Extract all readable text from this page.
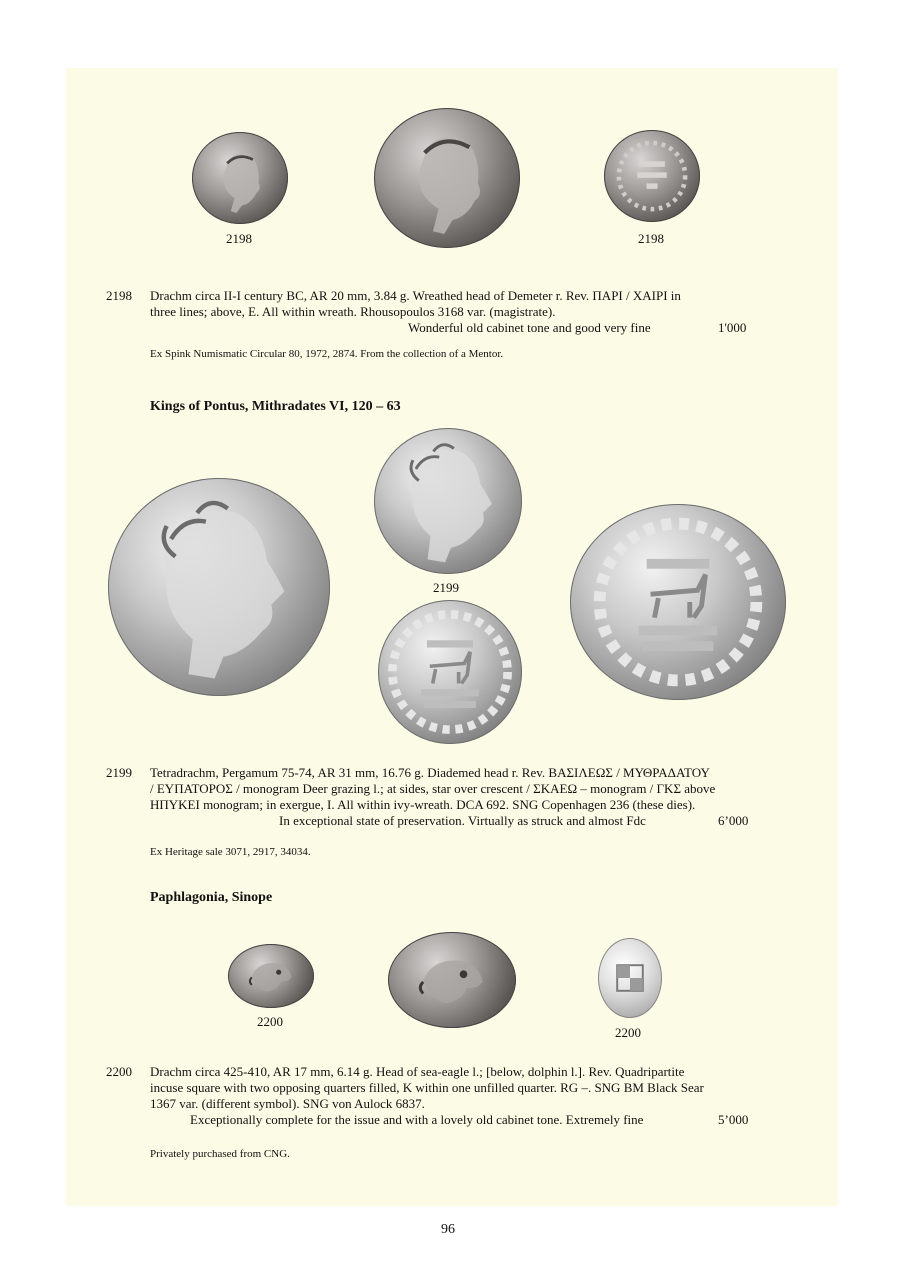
2198	2198
2198 Drachm circa II-I century BC, AR 20 mm, 3.84 g. Wreathed head of Demeter r. Rev. ΠΑΡΙ / ΧΑΙΡΙ in
three lines; above, E. All within wreath. Rhousopoulos 3168 var. (magistrate).
Wonderful old cabinet tone and good very fine	1'000
Ex Spink Numismatic Circular 80, 1972, 2874. From the collection of a Mentor.
Kings of Pontus, Mithradates VI, 120 – 63
2199
2199 Tetradrachm, Pergamum 75-74, AR 31 mm, 16.76 g. Diademed head r. Rev. ΒΑΣΙΛΕΩΣ / ΜΥΘΡΑΔΑΤΟΥ
/ ΕΥΠΑΤΟΡΟΣ / monogram Deer grazing l.; at sides, star over crescent / ΣΚΑΕΩ – monogram / ΓΚΣ above
ΗΠΥΚΕΙ monogram; in exergue, I. All within ivy-wreath. DCA 692. SNG Copenhagen 236 (these dies).
In exceptional state of preservation. Virtually as struck and almost Fdc	6’000
Ex Heritage sale 3071, 2917, 34034.
Paphlagonia, Sinope
2200
2200
2200 Drachm circa 425-410, AR 17 mm, 6.14 g. Head of sea-eagle l.; [below, dolphin l.]. Rev. Quadripartite
incuse square with two opposing quarters filled, K within one unfilled quarter. RG –. SNG BM Black Sear
1367 var. (different symbol). SNG von Aulock 6837.
Exceptionally complete for the issue and with a lovely old cabinet tone. Extremely fine	5’000
Privately purchased from CNG.
96
